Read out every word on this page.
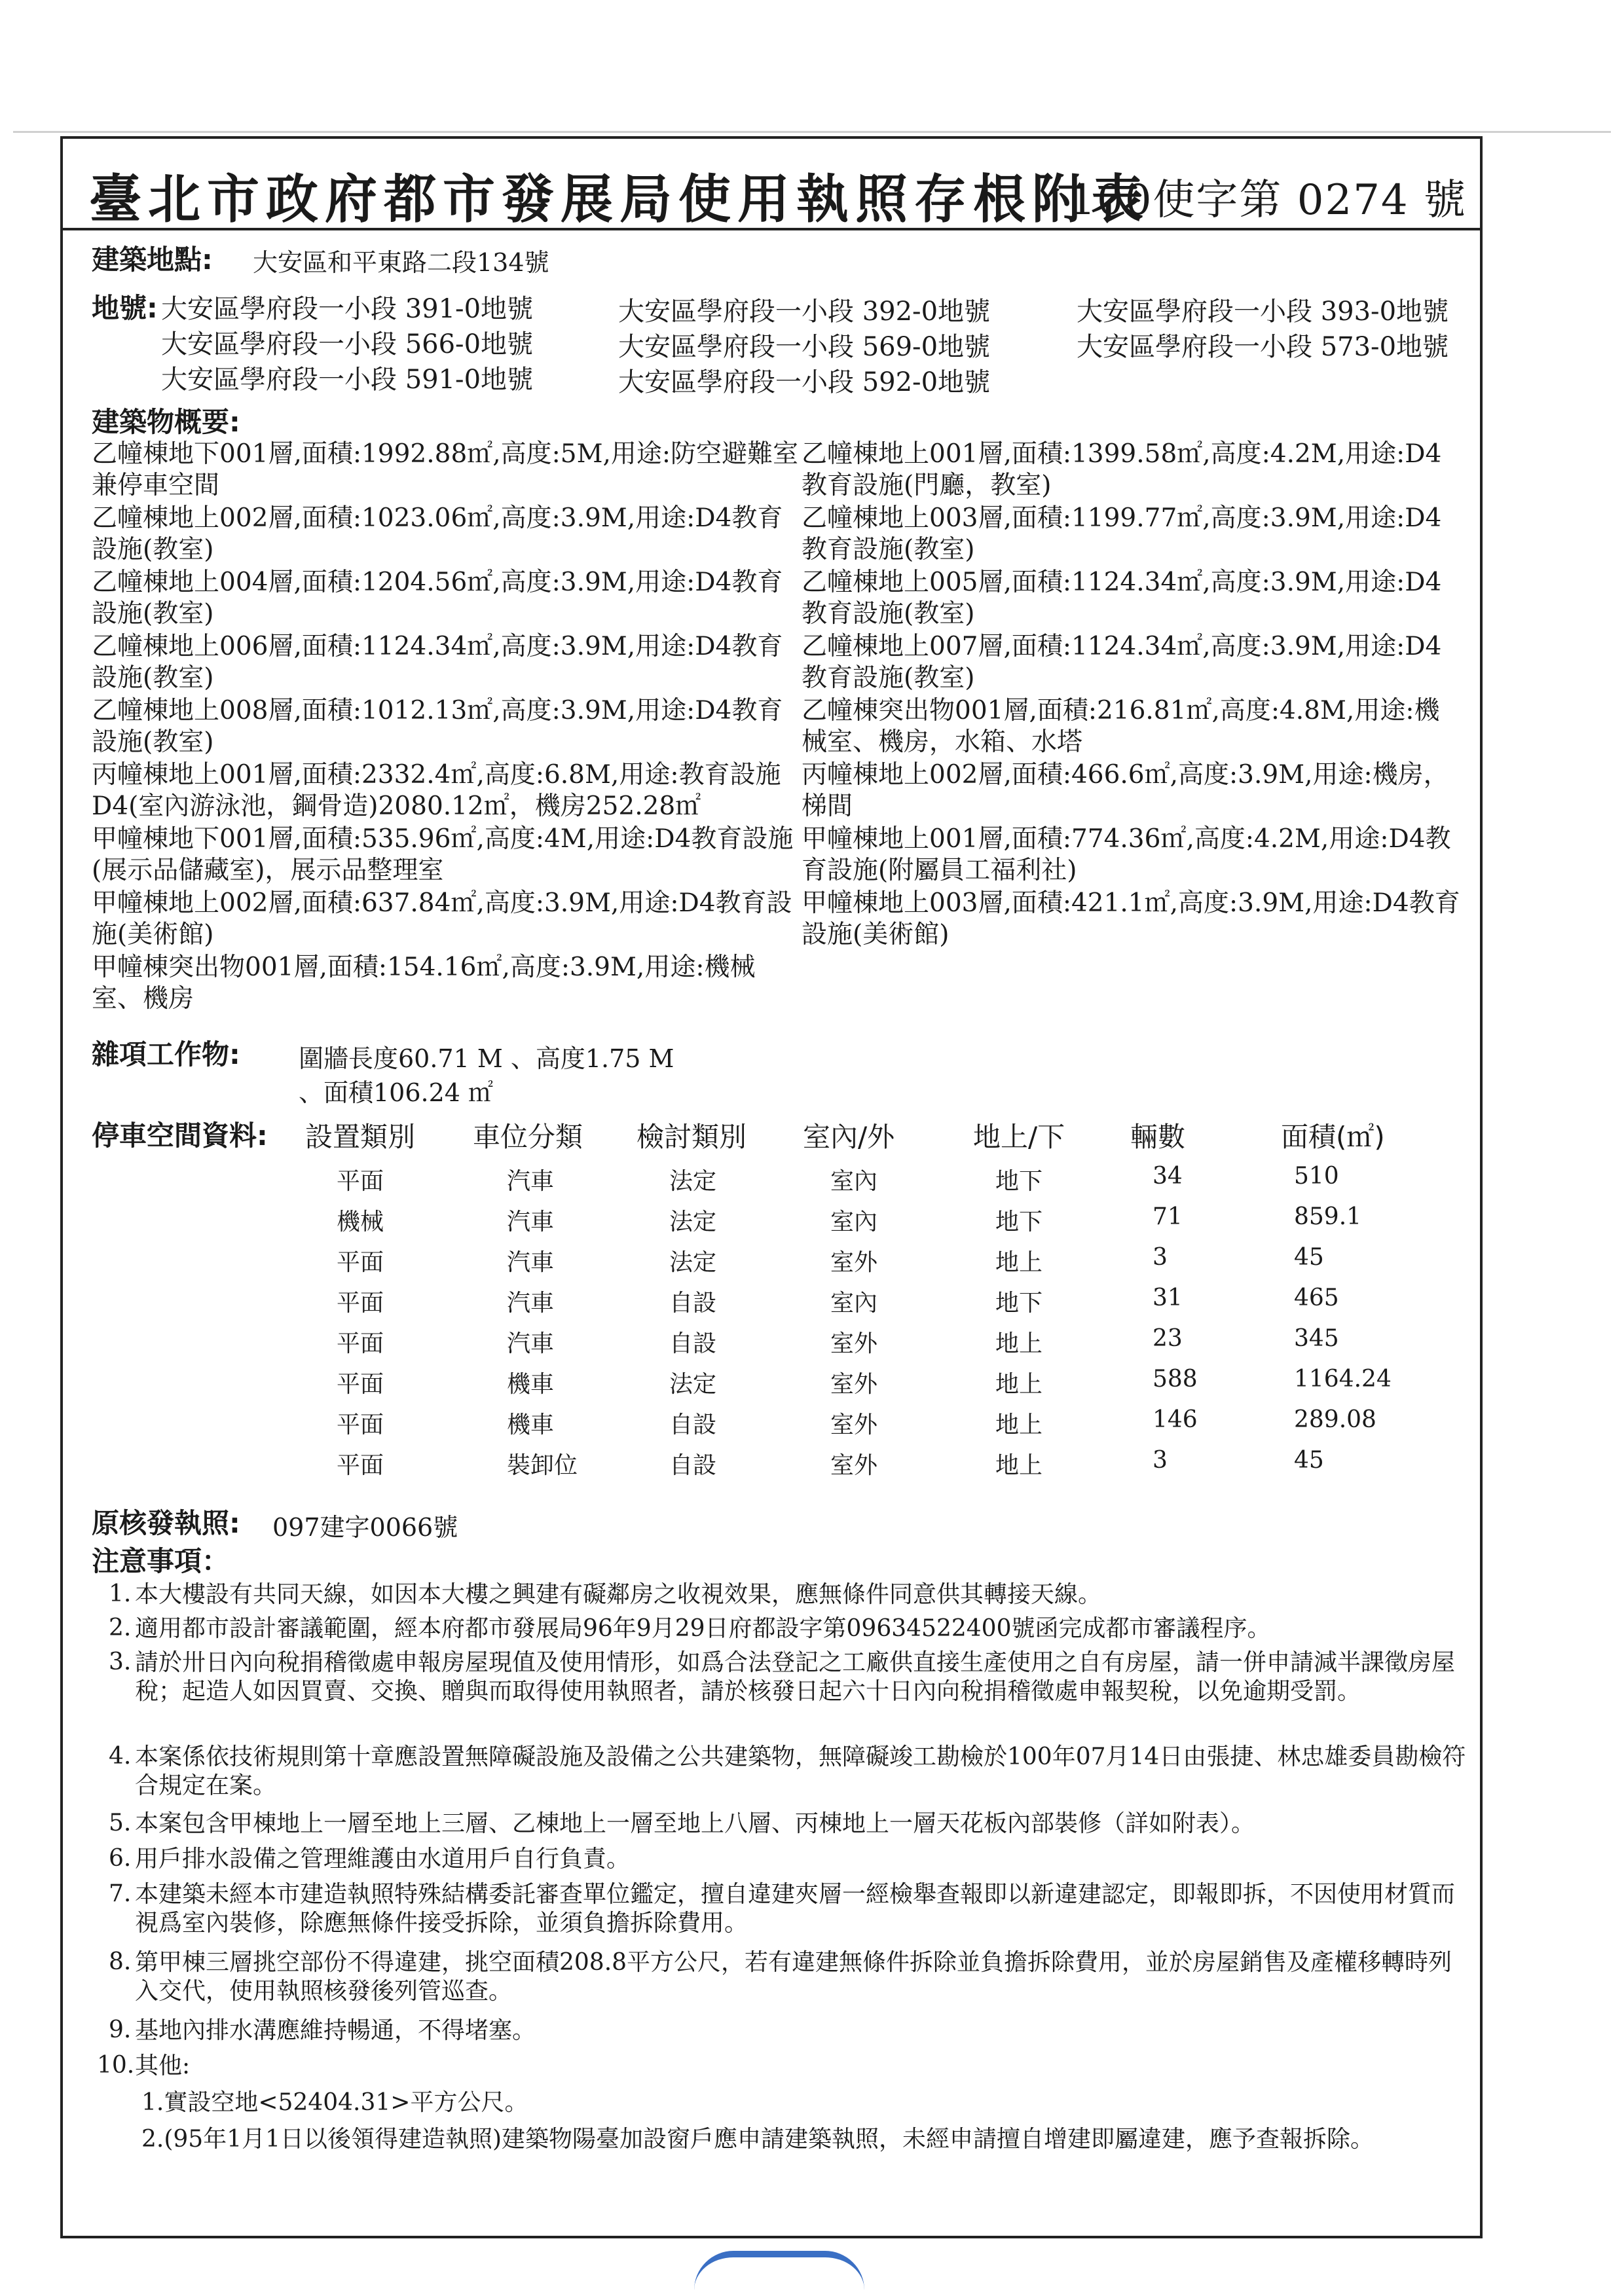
臺北市政府都市發展局使用執照存根附表
100使字第 0274 號
建築地點: 大安區和平東路二段134號
地號: 大安區學府段一小段 391-0地號	大安區學府段一小段 392-0地號	大安區學府段一小段 393-0地號
大安區學府段一小段 566-0地號	大安區學府段一小段 569-0地號	大安區學府段一小段 573-0地號
大安區學府段一小段 591-0地號	大安區學府段一小段 592-0地號
建築物概要:
乙幢棟地下001層,面積:1992.88㎡,高度:5M,用途:防空避難室兼停車空間
乙幢棟地上002層,面積:1023.06㎡,高度:3.9M,用途:D4教育設施(教室)
乙幢棟地上004層,面積:1204.56㎡,高度:3.9M,用途:D4教育設施(教室)
乙幢棟地上006層,面積:1124.34㎡,高度:3.9M,用途:D4教育設施(教室)
乙幢棟地上008層,面積:1012.13㎡,高度:3.9M,用途:D4教育設施(教室)
丙幢棟地上001層,面積:2332.4㎡,高度:6.8M,用途:教育設施D4(室內游泳池，鋼骨造)2080.12㎡，機房252.28㎡
甲幢棟地下001層,面積:535.96㎡,高度:4M,用途:D4教育設施(展示品儲藏室)，展示品整理室
甲幢棟地上002層,面積:637.84㎡,高度:3.9M,用途:D4教育設施(美術館)
甲幢棟突出物001層,面積:154.16㎡,高度:3.9M,用途:機械室、機房
乙幢棟地上001層,面積:1399.58㎡,高度:4.2M,用途:D4教育設施(門廳，教室)
乙幢棟地上003層,面積:1199.77㎡,高度:3.9M,用途:D4教育設施(教室)
乙幢棟地上005層,面積:1124.34㎡,高度:3.9M,用途:D4教育設施(教室)
乙幢棟地上007層,面積:1124.34㎡,高度:3.9M,用途:D4教育設施(教室)
乙幢棟突出物001層,面積:216.81㎡,高度:4.8M,用途:機械室、機房，水箱、水塔
丙幢棟地上002層,面積:466.6㎡,高度:3.9M,用途:機房，梯間
甲幢棟地上001層,面積:774.36㎡,高度:4.2M,用途:D4教育設施(附屬員工福利社)
甲幢棟地上003層,面積:421.1㎡,高度:3.9M,用途:D4教育設施(美術館)
雜項工作物: 圍牆長度60.71 M 、高度1.75 M
、面積106.24 ㎡
停車空間資料: 設置類別 車位分類 檢討類別 室內/外	地上/下 輛數	面積(㎡)
平面	汽車	法定	室內	地下	34	510
機械	汽車	法定	室內	地下	71	859.1
平面	汽車	法定	室外	地上	3	45
平面	汽車	自設	室內	地下	31	465
平面	汽車	自設	室外	地上	23	345
平面	機車	法定	室外	地上	588	1164.24
平面	機車	自設	室外	地上	146	289.08
平面	裝卸位	自設	室外	地上	3	45
原核發執照: 097建字0066號
注意事項：
1. 本大樓設有共同天線，如因本大樓之興建有礙鄰房之收視效果，應無條件同意供其轉接天線。
2. 適用都市設計審議範圍，經本府都市發展局96年9月29日府都設字第09634522400號函完成都市審議程序。
3. 請於卅日內向稅捐稽徵處申報房屋現值及使用情形，如爲合法登記之工廠供直接生產使用之自有房屋，請一併申請減半課徵房屋稅；起造人如因買賣、交換、贈與而取得使用執照者，請於核發日起六十日內向稅捐稽徵處申報契稅，以免逾期受罰。
4. 本案係依技術規則第十章應設置無障礙設施及設備之公共建築物，無障礙竣工勘檢於100年07月14日由張捷、林忠雄委員勘檢符合規定在案。
5. 本案包含甲棟地上一層至地上三層、乙棟地上一層至地上八層、丙棟地上一層天花板內部裝修（詳如附表）。
6. 用戶排水設備之管理維護由水道用戶自行負責。
7. 本建築未經本市建造執照特殊結構委託審查單位鑑定，擅自違建夾層一經檢舉查報即以新違建認定，即報即拆，不因使用材質而視爲室內裝修，除應無條件接受拆除，並須負擔拆除費用。
8. 第甲棟三層挑空部份不得違建，挑空面積208.8平方公尺，若有違建無條件拆除並負擔拆除費用，並於房屋銷售及產權移轉時列入交代，使用執照核發後列管巡查。
9. 基地內排水溝應維持暢通，不得堵塞。
10. 其他:
1.實設空地<52404.31>平方公尺。
2.(95年1月1日以後領得建造執照)建築物陽臺加設窗戶應申請建築執照，未經申請擅自增建即屬違建，應予查報拆除。
